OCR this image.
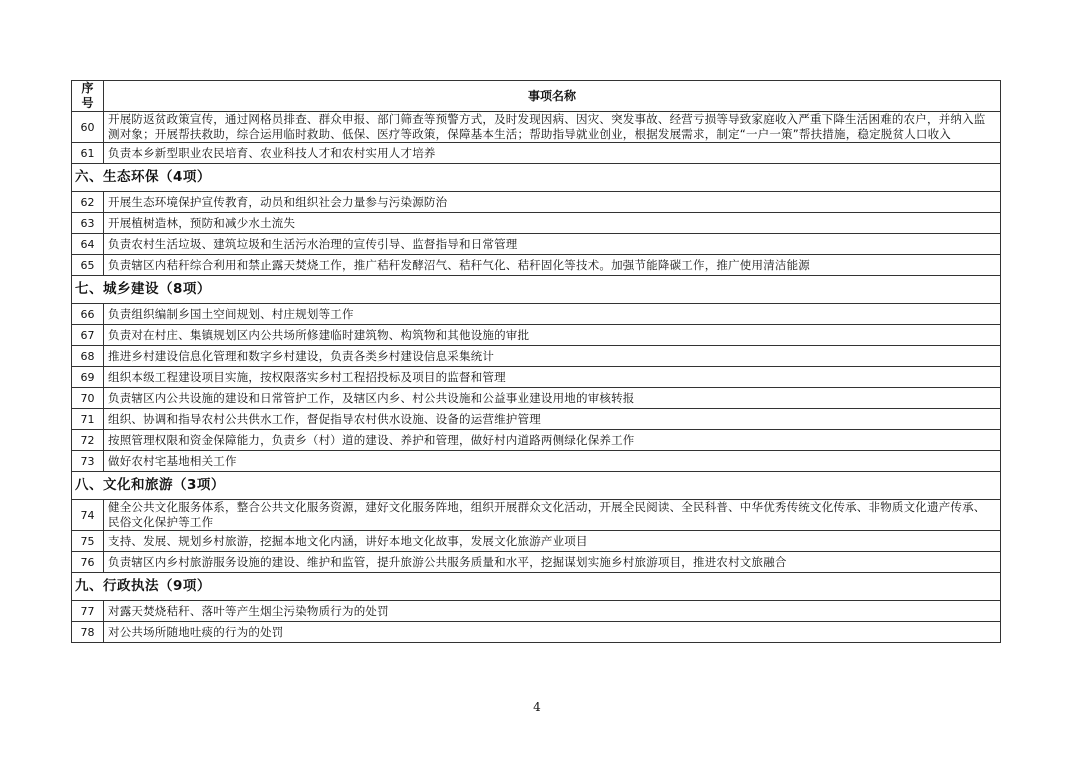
序号	事项名称
60	开展防返贫政策宣传，通过网格员排查、群众申报、部门筛查等预警方式，及时发现因病、因灾、突发事故、经营亏损等导致家庭收入严重下降生活困难的农户，并纳入监测对象；开展帮扶救助，综合运用临时救助、低保、医疗等政策，保障基本生活；帮助指导就业创业，根据发展需求，制定“一户一策”帮扶措施，稳定脱贫人口收入
61	负责本乡新型职业农民培育、农业科技人才和农村实用人才培养
六、生态环保（4项）	
62	开展生态环境保护宣传教育，动员和组织社会力量参与污染源防治
63	开展植树造林，预防和减少水土流失
64	负责农村生活垃圾、建筑垃圾和生活污水治理的宣传引导、监督指导和日常管理
65	负责辖区内秸秆综合利用和禁止露天焚烧工作，推广秸秆发酵沼气、秸秆气化、秸秆固化等技术。加强节能降碳工作，推广使用清洁能源
七、城乡建设（8项）	
66	负责组织编制乡国土空间规划、村庄规划等工作
67	负责对在村庄、集镇规划区内公共场所修建临时建筑物、构筑物和其他设施的审批
68	推进乡村建设信息化管理和数字乡村建设，负责各类乡村建设信息采集统计
69	组织本级工程建设项目实施，按权限落实乡村工程招投标及项目的监督和管理
70	负责辖区内公共设施的建设和日常管护工作，及辖区内乡、村公共设施和公益事业建设用地的审核转报
71	组织、协调和指导农村公共供水工作，督促指导农村供水设施、设备的运营维护管理
72	按照管理权限和资金保障能力，负责乡（村）道的建设、养护和管理，做好村内道路两侧绿化保养工作
73	做好农村宅基地相关工作
八、文化和旅游（3项）	
74	健全公共文化服务体系，整合公共文化服务资源，建好文化服务阵地，组织开展群众文化活动，开展全民阅读、全民科普、中华优秀传统文化传承、非物质文化遗产传承、民俗文化保护等工作
75	支持、发展、规划乡村旅游，挖掘本地文化内涵，讲好本地文化故事，发展文化旅游产业项目
76	负责辖区内乡村旅游服务设施的建设、维护和监管，提升旅游公共服务质量和水平，挖掘谋划实施乡村旅游项目，推进农村文旅融合
九、行政执法（9项）	
77	对露天焚烧秸秆、落叶等产生烟尘污染物质行为的处罚
78	对公共场所随地吐痰的行为的处罚
4
